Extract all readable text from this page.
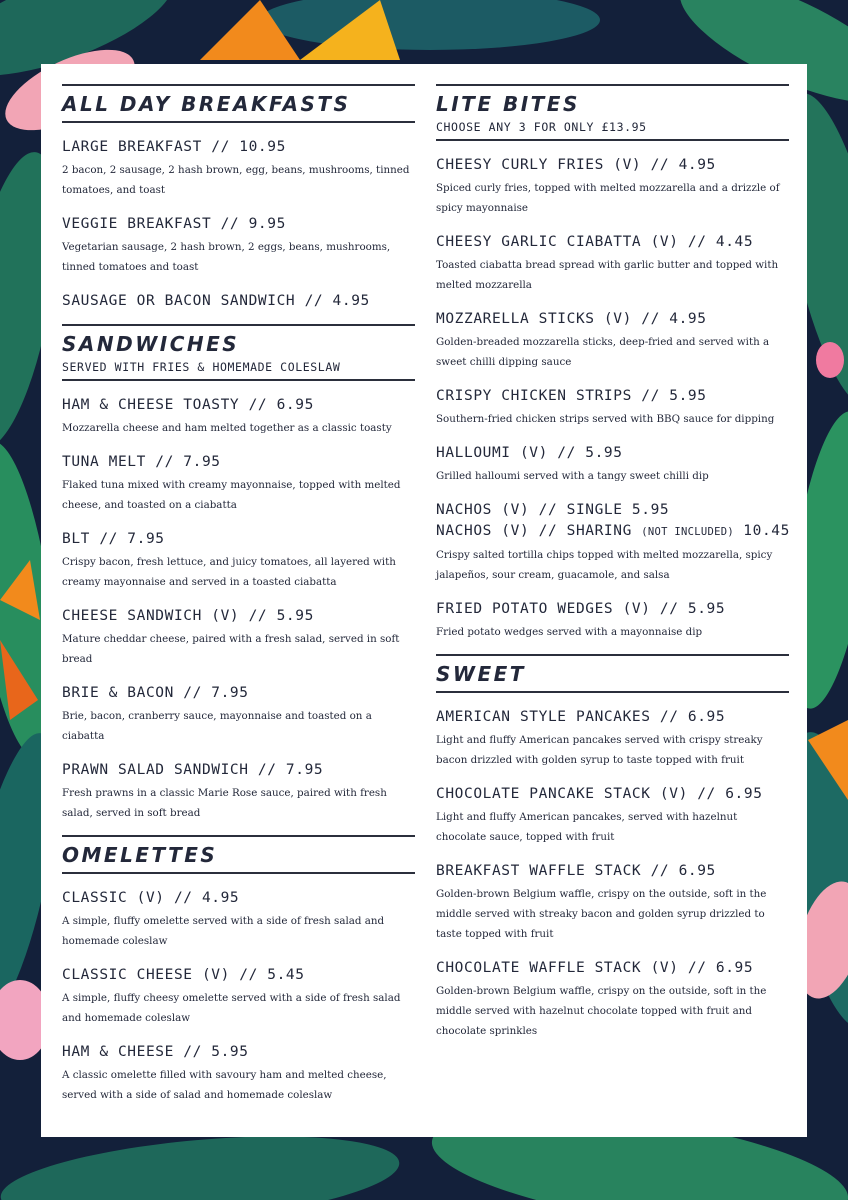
ALL DAY BREAKFASTS
LARGE BREAKFAST // 10.95
2 bacon, 2 sausage, 2 hash brown, egg, beans, mushrooms, tinned tomatoes, and toast
VEGGIE BREAKFAST // 9.95
Vegetarian sausage, 2 hash brown, 2 eggs, beans, mushrooms, tinned tomatoes and toast
SAUSAGE OR BACON SANDWICH // 4.95
SANDWICHES
SERVED WITH FRIES & HOMEMADE COLESLAW
HAM & CHEESE TOASTY // 6.95
Mozzarella cheese and ham melted together as a classic toasty
TUNA MELT // 7.95
Flaked tuna mixed with creamy mayonnaise, topped with melted cheese, and toasted on a ciabatta
BLT // 7.95
Crispy bacon, fresh lettuce, and juicy tomatoes, all layered with creamy mayonnaise and served in a toasted ciabatta
CHEESE SANDWICH (V) // 5.95
Mature cheddar cheese, paired with a fresh salad, served in soft bread
BRIE & BACON // 7.95
Brie, bacon, cranberry sauce, mayonnaise and toasted on a ciabatta
PRAWN SALAD SANDWICH // 7.95
Fresh prawns in a classic Marie Rose sauce, paired with fresh salad, served in soft bread
OMELETTES
CLASSIC (V) // 4.95
A simple, fluffy omelette served with a side of fresh salad and homemade coleslaw
CLASSIC CHEESE (V) // 5.45
A simple, fluffy cheesy omelette served with a side of fresh salad and homemade coleslaw
HAM & CHEESE // 5.95
A classic omelette filled with savoury ham and melted cheese, served with a side of salad and homemade coleslaw
LITE BITES
CHOOSE ANY 3 FOR ONLY £13.95
CHEESY CURLY FRIES (V) // 4.95
Spiced curly fries, topped with melted mozzarella and a drizzle of spicy mayonnaise
CHEESY GARLIC CIABATTA (V) // 4.45
Toasted ciabatta bread spread with garlic butter and topped with melted mozzarella
MOZZARELLA STICKS (V) // 4.95
Golden-breaded mozzarella sticks, deep-fried and served with a sweet chilli dipping sauce
CRISPY CHICKEN STRIPS // 5.95
Southern-fried chicken strips served with BBQ sauce for dipping
HALLOUMI (V) // 5.95
Grilled halloumi served with a tangy sweet chilli dip
NACHOS (V) // SINGLE 5.95
NACHOS (V) // SHARING (NOT INCLUDED) 10.45
Crispy salted tortilla chips topped with melted mozzarella, spicy jalapeños, sour cream, guacamole, and salsa
FRIED POTATO WEDGES (V) // 5.95
Fried potato wedges served with a mayonnaise dip
SWEET
AMERICAN STYLE PANCAKES // 6.95
Light and fluffy American pancakes served with crispy streaky bacon drizzled with golden syrup to taste topped with fruit
CHOCOLATE PANCAKE STACK (V) // 6.95
Light and fluffy American pancakes, served with hazelnut chocolate sauce, topped with fruit
BREAKFAST WAFFLE STACK // 6.95
Golden-brown Belgium waffle, crispy on the outside, soft in the middle served with streaky bacon and golden syrup drizzled to taste topped with fruit
CHOCOLATE WAFFLE STACK (V) // 6.95
Golden-brown Belgium waffle, crispy on the outside, soft in the middle served with hazelnut chocolate topped with fruit and chocolate sprinkles
